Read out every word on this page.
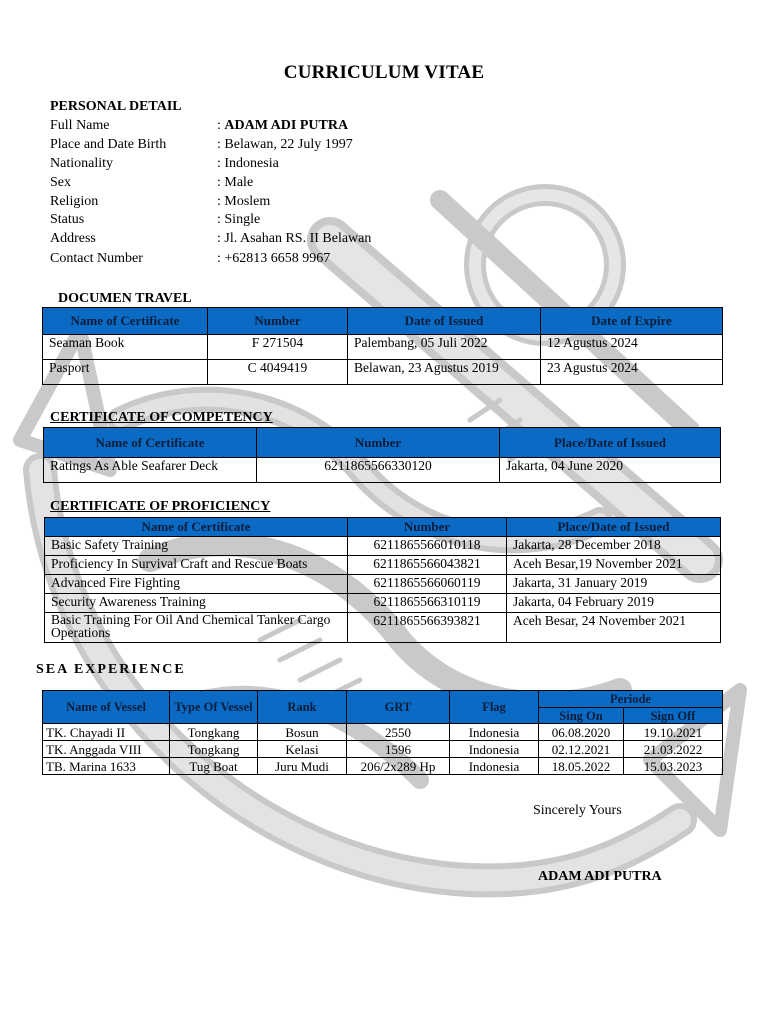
CURRICULUM VITAE
PERSONAL DETAIL
Full Name	: ADAM ADI PUTRA
Place and Date Birth	: Belawan, 22 July 1997
Nationality	: Indonesia
Sex	: Male
Religion	: Moslem
Status	: Single
Address	: Jl. Asahan RS. II Belawan
Contact Number	: +62813 6658 9967
DOCUMEN TRAVEL
Name of Certificate	Number	Date of Issued	Date of Expire
Seaman Book	F 271504	Palembang, 05 Juli 2022	12 Agustus 2024
Pasport	C 4049419	Belawan, 23 Agustus 2019	23 Agustus 2024
CERTIFICATE OF COMPETENCY
Name of Certificate	Number	Place/Date of Issued
Ratings As Able Seafarer Deck	6211865566330120	Jakarta, 04 June 2020
CERTIFICATE OF PROFICIENCY
Name of Certificate	Number	Place/Date of Issued
Basic Safety Training	6211865566010118	Jakarta, 28 December 2018
Proficiency In Survival Craft and Rescue Boats	6211865566043821	Aceh Besar,19 November 2021
Advanced Fire Fighting	6211865566060119	Jakarta, 31 January 2019
Security Awareness Training	6211865566310119	Jakarta, 04 February 2019
Basic Training For Oil And Chemical Tanker Cargo Operations	6211865566393821	Aceh Besar, 24 November 2021
SEA EXPERIENCE
Name of Vessel	Type Of Vessel	Rank	GRT	Flag	Periode	
					Sing On	Sign Off
TK. Chayadi II	Tongkang	Bosun	2550	Indonesia	06.08.2020	19.10.2021
TK. Anggada VIII	Tongkang	Kelasi	1596	Indonesia	02.12.2021	21.03.2022
TB. Marina 1633	Tug Boat	Juru Mudi	206/2x289 Hp	Indonesia	18.05.2022	15.03.2023
Sincerely Yours
ADAM ADI PUTRA
